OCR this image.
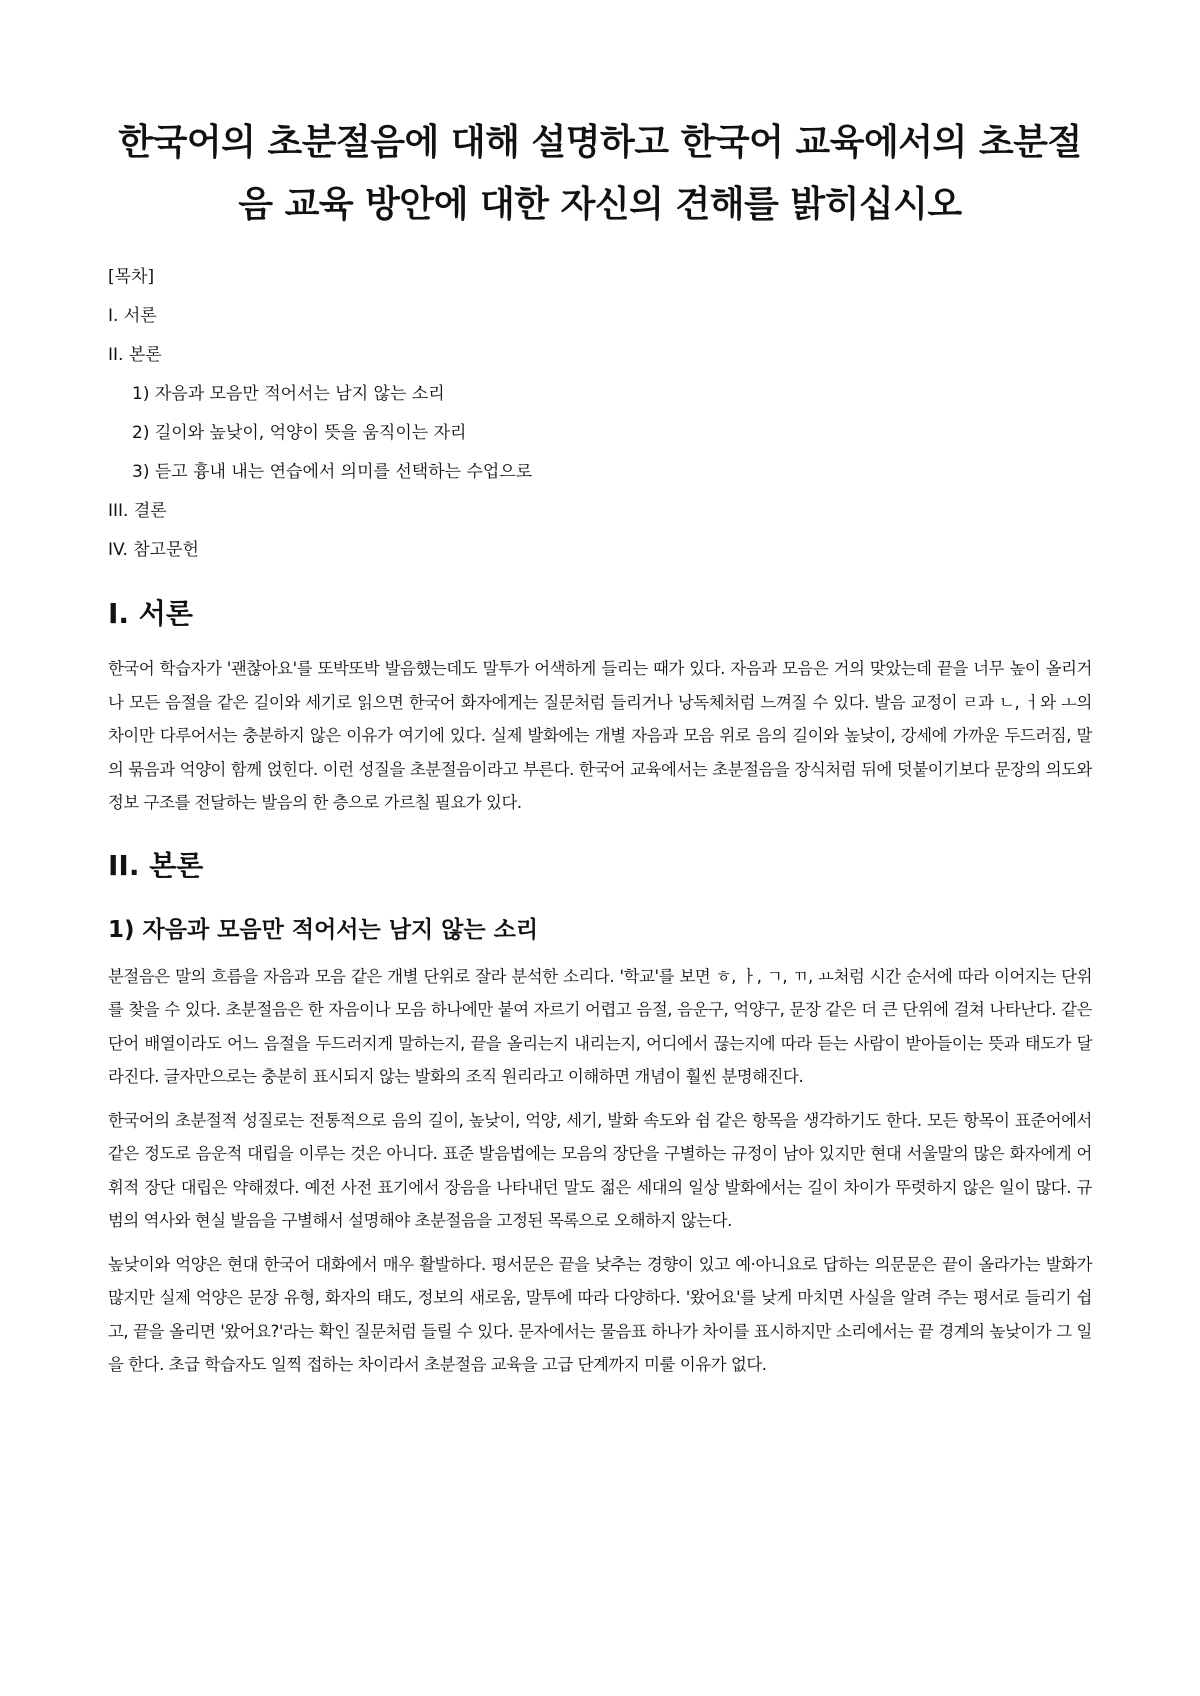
한국어의 초분절음에 대해 설명하고 한국어 교육에서의 초분절음 교육 방안에 대한 자신의 견해를 밝히십시오
[목차]
I. 서론
II. 본론
1) 자음과 모음만 적어서는 남지 않는 소리
2) 길이와 높낮이, 억양이 뜻을 움직이는 자리
3) 듣고 흉내 내는 연습에서 의미를 선택하는 수업으로
III. 결론
IV. 참고문헌
I. 서론

한국어 학습자가 '괜찮아요'를 또박또박 발음했는데도 말투가 어색하게 들리는 때가 있다. 자음과 모음은 거의 맞았는데 끝을 너무 높이 올리거나 모든 음절을 같은 길이와 세기로 읽으면 한국어 화자에게는 질문처럼 들리거나 낭독체처럼 느껴질 수 있다. 발음 교정이 ㄹ과 ㄴ, ㅓ와 ㅗ의 차이만 다루어서는 충분하지 않은 이유가 여기에 있다. 실제 발화에는 개별 자음과 모음 위로 음의 길이와 높낮이, 강세에 가까운 두드러짐, 말의 묶음과 억양이 함께 얹힌다. 이런 성질을 초분절음이라고 부른다. 한국어 교육에서는 초분절음을 장식처럼 뒤에 덧붙이기보다 문장의 의도와 정보 구조를 전달하는 발음의 한 층으로 가르칠 필요가 있다.

II. 본론
1) 자음과 모음만 적어서는 남지 않는 소리

분절음은 말의 흐름을 자음과 모음 같은 개별 단위로 잘라 분석한 소리다. '학교'를 보면 ㅎ, ㅏ, ㄱ, ㄲ, ㅛ처럼 시간 순서에 따라 이어지는 단위를 찾을 수 있다. 초분절음은 한 자음이나 모음 하나에만 붙여 자르기 어렵고 음절, 음운구, 억양구, 문장 같은 더 큰 단위에 걸쳐 나타난다. 같은 단어 배열이라도 어느 음절을 두드러지게 말하는지, 끝을 올리는지 내리는지, 어디에서 끊는지에 따라 듣는 사람이 받아들이는 뜻과 태도가 달라진다. 글자만으로는 충분히 표시되지 않는 발화의 조직 원리라고 이해하면 개념이 훨씬 분명해진다.

한국어의 초분절적 성질로는 전통적으로 음의 길이, 높낮이, 억양, 세기, 발화 속도와 쉼 같은 항목을 생각하기도 한다. 모든 항목이 표준어에서 같은 정도로 음운적 대립을 이루는 것은 아니다. 표준 발음법에는 모음의 장단을 구별하는 규정이 남아 있지만 현대 서울말의 많은 화자에게 어휘적 장단 대립은 약해졌다. 예전 사전 표기에서 장음을 나타내던 말도 젊은 세대의 일상 발화에서는 길이 차이가 뚜렷하지 않은 일이 많다. 규범의 역사와 현실 발음을 구별해서 설명해야 초분절음을 고정된 목록으로 오해하지 않는다.

높낮이와 억양은 현대 한국어 대화에서 매우 활발하다. 평서문은 끝을 낮추는 경향이 있고 예·아니요로 답하는 의문문은 끝이 올라가는 발화가 많지만 실제 억양은 문장 유형, 화자의 태도, 정보의 새로움, 말투에 따라 다양하다. '왔어요'를 낮게 마치면 사실을 알려 주는 평서로 들리기 쉽고, 끝을 올리면 '왔어요?'라는 확인 질문처럼 들릴 수 있다. 문자에서는 물음표 하나가 차이를 표시하지만 소리에서는 끝 경계의 높낮이가 그 일을 한다. 초급 학습자도 일찍 접하는 차이라서 초분절음 교육을 고급 단계까지 미룰 이유가 없다.
